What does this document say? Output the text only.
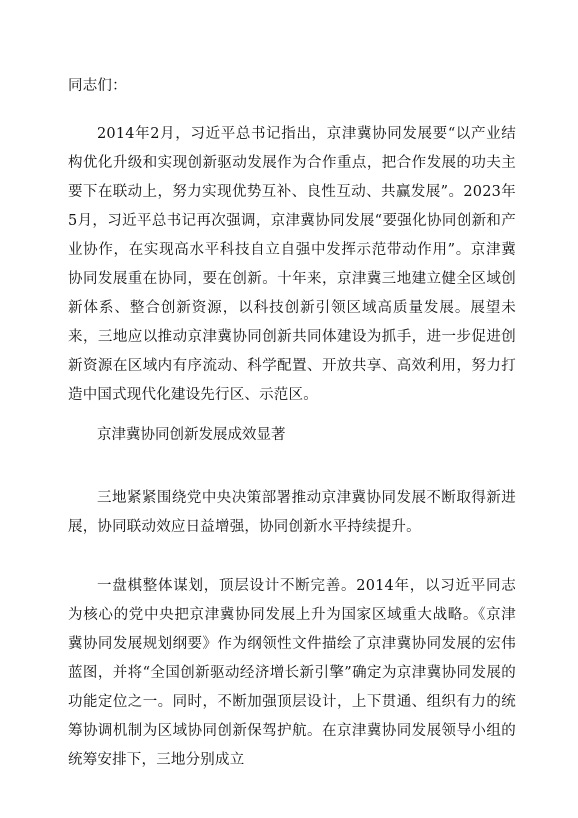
同志们：

2014年2月，习近平总书记指出，京津冀协同发展要“以产业结构优化升级和实现创新驱动发展作为合作重点，把合作发展的功夫主要下在联动上，努力实现优势互补、良性互动、共赢发展”。2023年5月，习近平总书记再次强调，京津冀协同发展“要强化协同创新和产业协作，在实现高水平科技自立自强中发挥示范带动作用”。京津冀协同发展重在协同，要在创新。十年来，京津冀三地建立健全区域创新体系、整合创新资源，以科技创新引领区域高质量发展。展望未来，三地应以推动京津冀协同创新共同体建设为抓手，进一步促进创新资源在区域内有序流动、科学配置、开放共享、高效利用，努力打造中国式现代化建设先行区、示范区。

京津冀协同创新发展成效显著

三地紧紧围绕党中央决策部署推动京津冀协同发展不断取得新进展，协同联动效应日益增强，协同创新水平持续提升。

一盘棋整体谋划，顶层设计不断完善。2014年，以习近平同志为核心的党中央把京津冀协同发展上升为国家区域重大战略。《京津冀协同发展规划纲要》作为纲领性文件描绘了京津冀协同发展的宏伟蓝图，并将“全国创新驱动经济增长新引擎”确定为京津冀协同发展的功能定位之一。同时，不断加强顶层设计，上下贯通、组织有力的统筹协调机制为区域协同创新保驾护航。在京津冀协同发展领导小组的统筹安排下，三地分别成立
